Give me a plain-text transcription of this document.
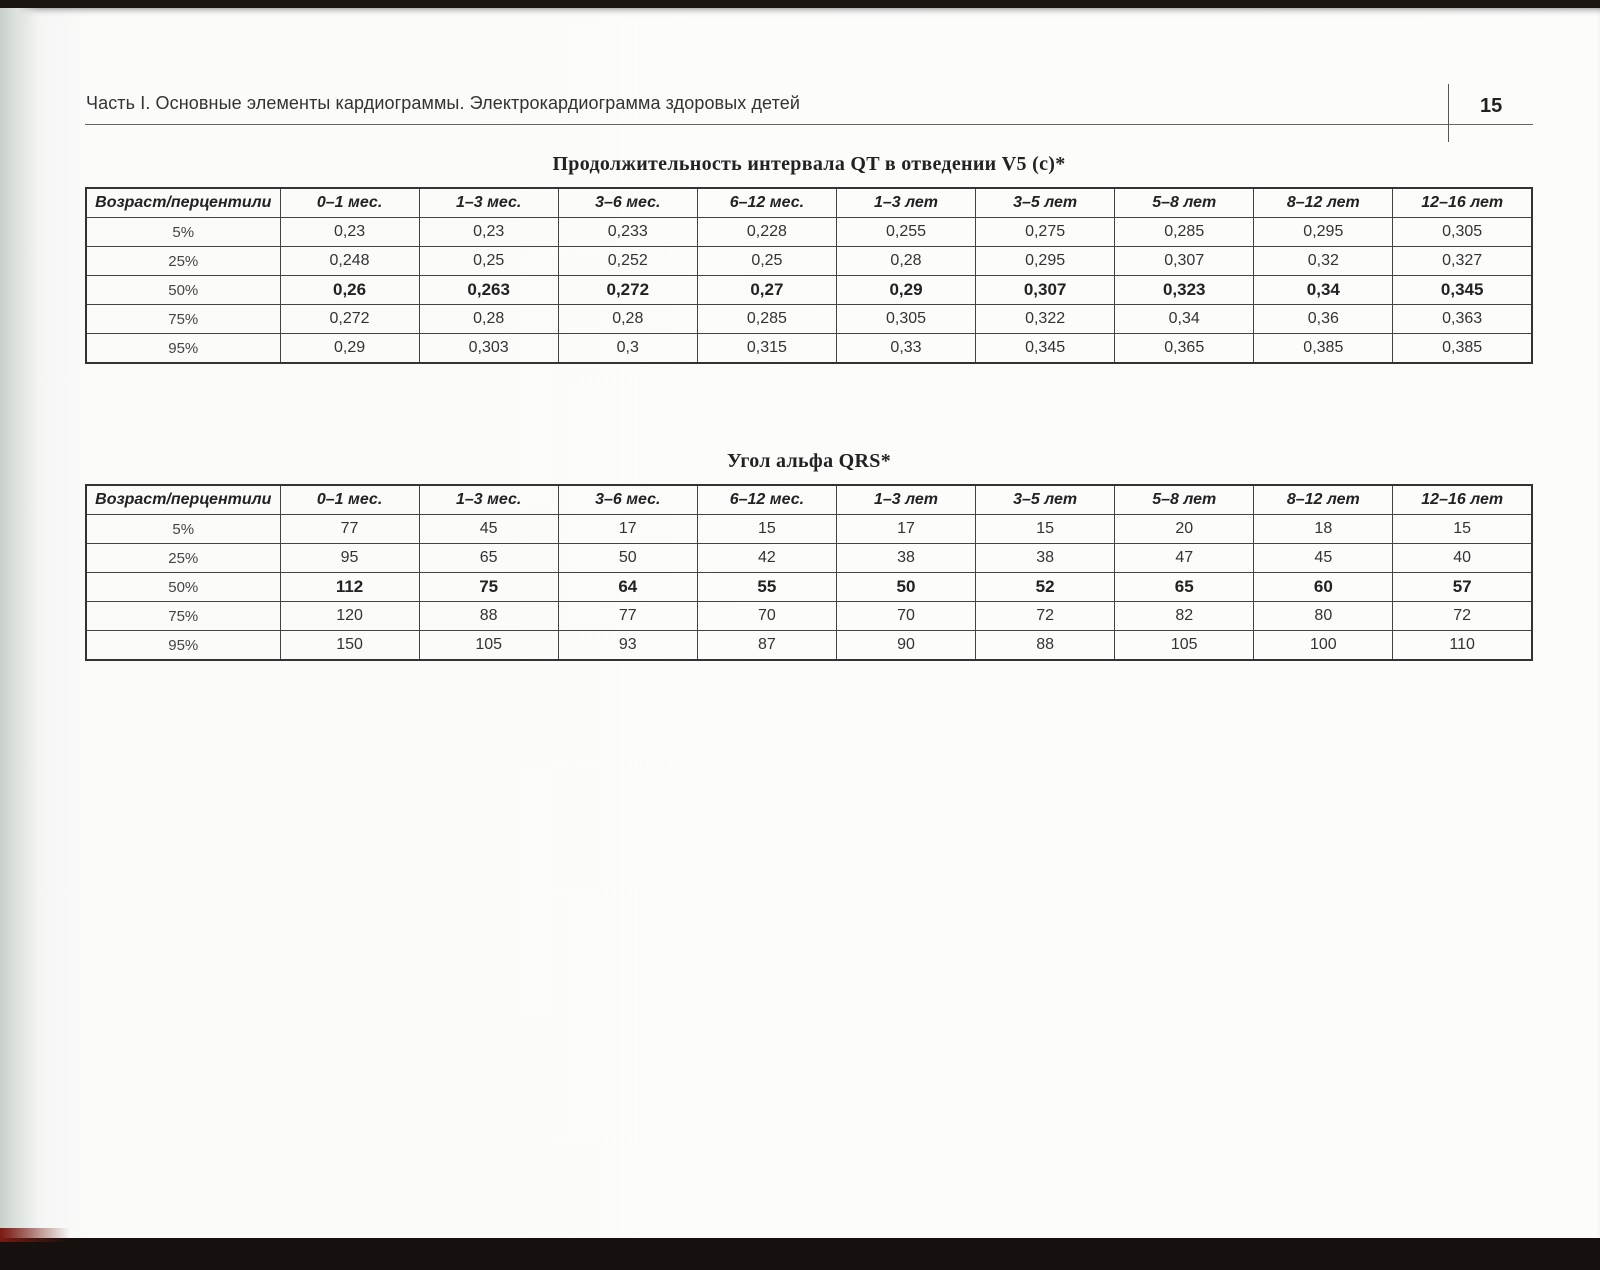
Часть I. Основные элементы кардиограммы. Электрокардиограмма здоровых детей	15
Продолжительность интервала QT в отведении V5 (с)*
Возраст/перцентили	0–1 мес.	1–3 мес.	3–6 мес.	6–12 мес.	1–3 лет	3–5 лет	5–8 лет	8–12 лет	12–16 лет
5%	0,23	0,23	0,233	0,228	0,255	0,275	0,285	0,295	0,305
25%	0,248	0,25	0,252	0,25	0,28	0,295	0,307	0,32	0,327
50%	0,26	0,263	0,272	0,27	0,29	0,307	0,323	0,34	0,345
75%	0,272	0,28	0,28	0,285	0,305	0,322	0,34	0,36	0,363
95%	0,29	0,303	0,3	0,315	0,33	0,345	0,365	0,385	0,385
Угол альфа QRS*
Возраст/перцентили	0–1 мес.	1–3 мес.	3–6 мес.	6–12 мес.	1–3 лет	3–5 лет	5–8 лет	8–12 лет	12–16 лет
5%	77	45	17	15	17	15	20	18	15
25%	95	65	50	42	38	38	47	45	40
50%	112	75	64	55	50	52	65	60	57
75%	120	88	77	70	70	72	82	80	72
95%	150	105	93	87	90	88	105	100	110
